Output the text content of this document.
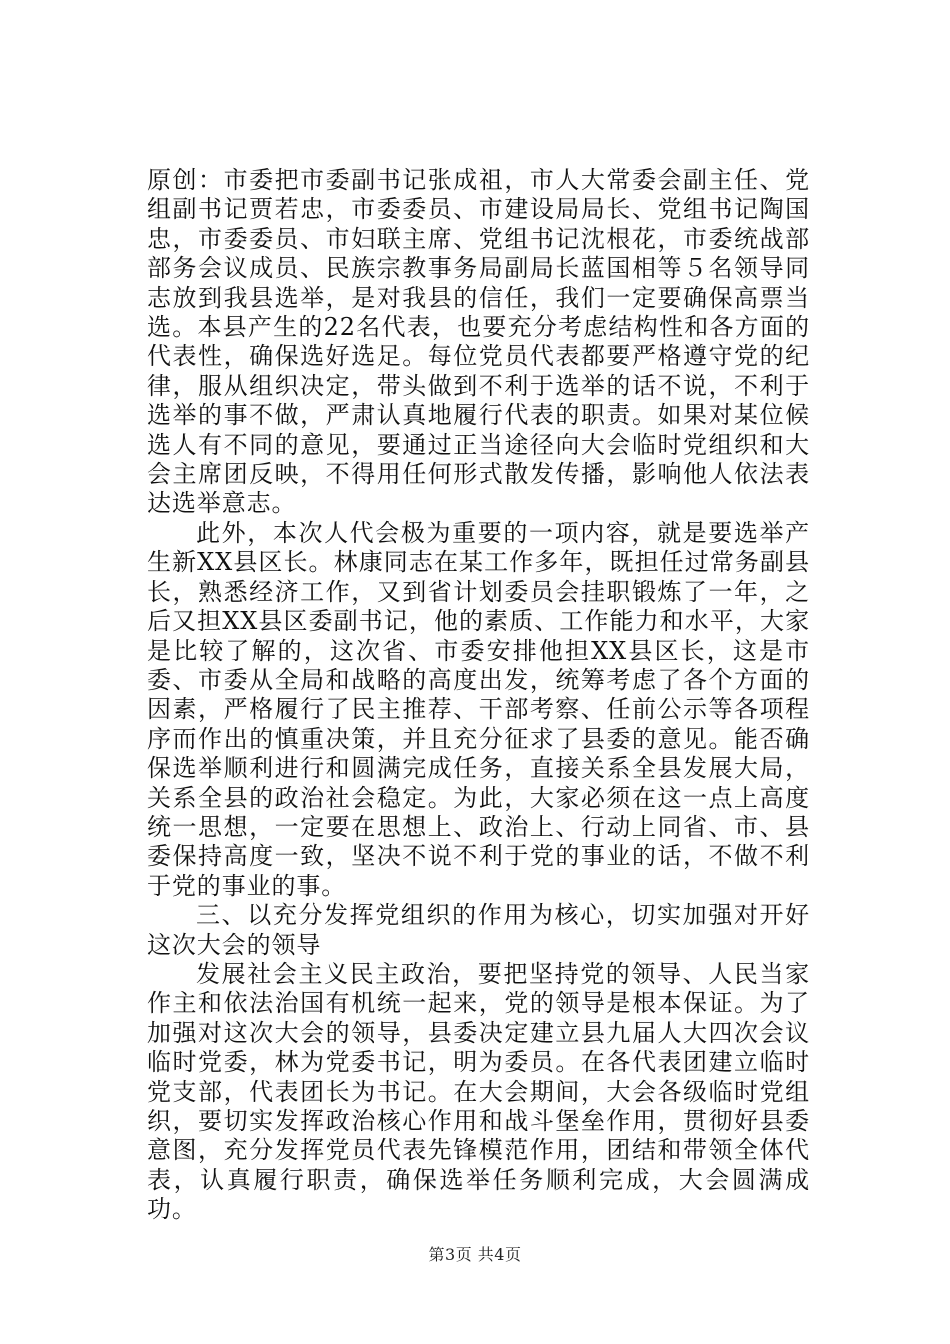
原创：市委把市委副书记张成祖，市人大常委会副主任、党组副书记贾若忠，市委委员、市建设局局长、党组书记陶国忠，市委委员、市妇联主席、党组书记沈根花，市委统战部部务会议成员、民族宗教事务局副局长蓝国相等５名领导同志放到我县选举，是对我县的信任，我们一定要确保高票当选。本县产生的22名代表，也要充分考虑结构性和各方面的代表性，确保选好选足。每位党员代表都要严格遵守党的纪律，服从组织决定，带头做到不利于选举的话不说，不利于选举的事不做，严肃认真地履行代表的职责。如果对某位候选人有不同的意见，要通过正当途径向大会临时党组织和大会主席团反映，不得用任何形式散发传播，影响他人依法表达选举意志。

此外，本次人代会极为重要的一项内容，就是要选举产生新XX县区长。林康同志在某工作多年，既担任过常务副县长，熟悉经济工作，又到省计划委员会挂职锻炼了一年，之后又担XX县区委副书记，他的素质、工作能力和水平，大家是比较了解的，这次省、市委安排他担XX县区长，这是市委、市委从全局和战略的高度出发，统筹考虑了各个方面的因素，严格履行了民主推荐、干部考察、任前公示等各项程序而作出的慎重决策，并且充分征求了县委的意见。能否确保选举顺利进行和圆满完成任务，直接关系全县发展大局，关系全县的政治社会稳定。为此，大家必须在这一点上高度统一思想，一定要在思想上、政治上、行动上同省、市、县委保持高度一致，坚决不说不利于党的事业的话，不做不利于党的事业的事。

三、以充分发挥党组织的作用为核心，切实加强对开好这次大会的领导

发展社会主义民主政治，要把坚持党的领导、人民当家作主和依法治国有机统一起来，党的领导是根本保证。为了加强对这次大会的领导，县委决定建立县九届人大四次会议临时党委，林为党委书记，明为委员。在各代表团建立临时党支部，代表团长为书记。在大会期间，大会各级临时党组织，要切实发挥政治核心作用和战斗堡垒作用，贯彻好县委意图，充分发挥党员代表先锋模范作用，团结和带领全体代表，认真履行职责，确保选举任务顺利完成，大会圆满成功。

第3页 共4页
